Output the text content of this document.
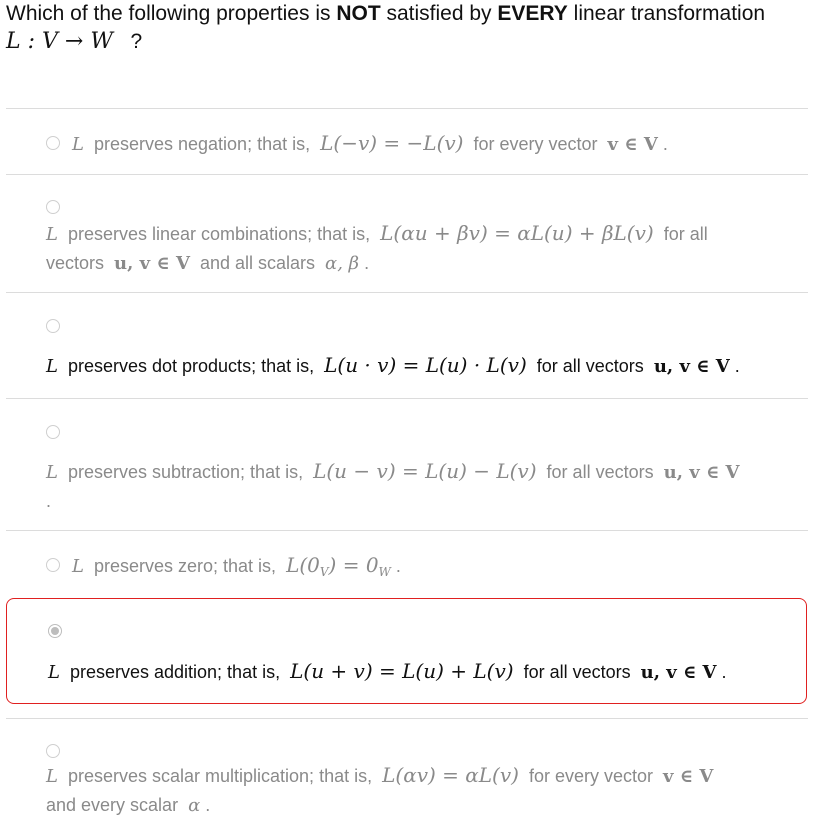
Which of the following properties is NOT satisfied by EVERY linear transformation
L : V → W ?
L preserves negation; that is, L(−v) = −L(v) for every vector v ∈ V .
L preserves linear combinations; that is, L(αu + βv) = αL(u) + βL(v) for all
vectors u, v ∈ V and all scalars α, β .
L preserves dot products; that is, L(u · v) = L(u) · L(v) for all vectors u, v ∈ V .
L preserves subtraction; that is, L(u − v) = L(u) − L(v) for all vectors u, v ∈ V
.
L preserves zero; that is, $L(0_V) = 0_W$ .
L preserves addition; that is, L(u + v) = L(u) + L(v) for all vectors u, v ∈ V .
L preserves scalar multiplication; that is, L(αv) = αL(v) for every vector v ∈ V
and every scalar α .
